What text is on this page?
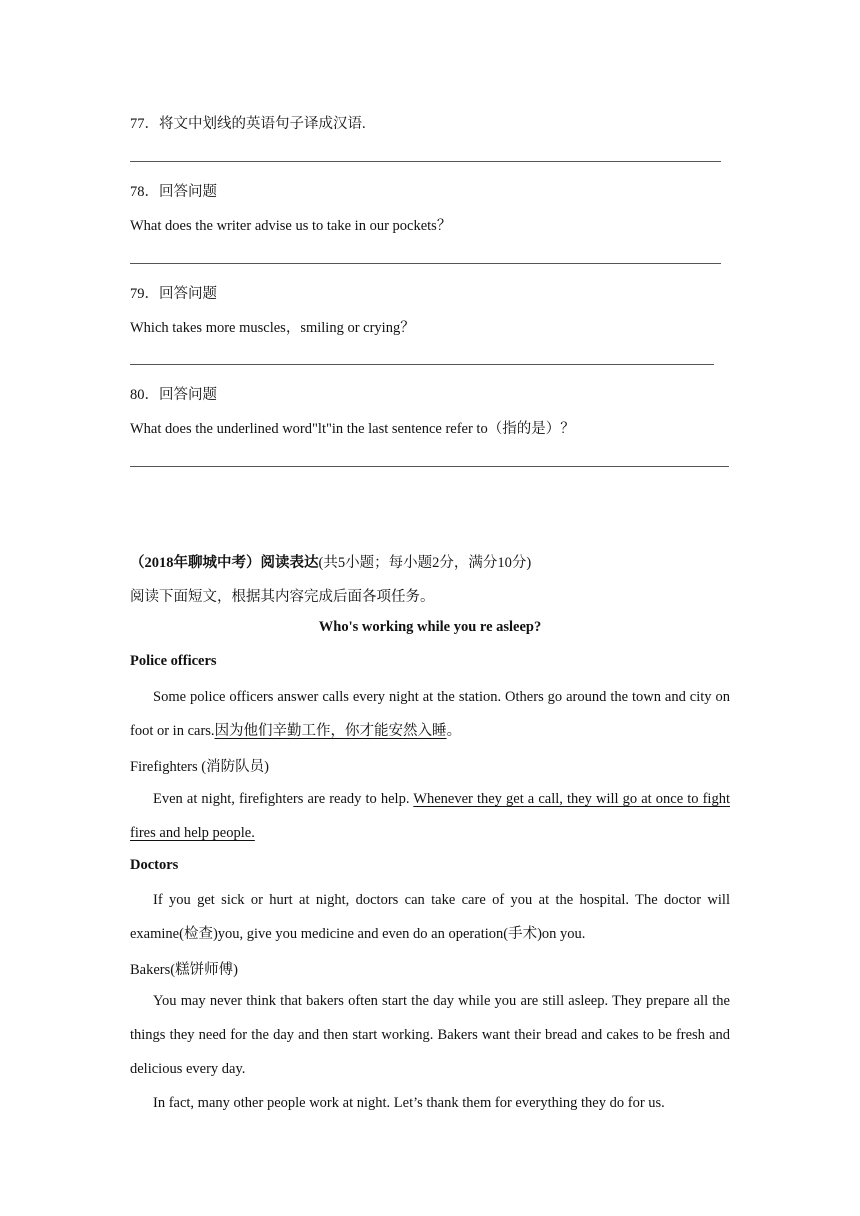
77．将文中划线的英语句子译成汉语.
78．回答问题
What does the writer advise us to take in our pockets？
79．回答问题
Which takes more muscles，smiling or crying？
80．回答问题
What does the underlined word"lt"in the last sentence refer to（指的是）？
（2018年聊城中考）阅读表达(共5小题；每小题2分，满分10分)
阅读下面短文，根据其内容完成后面各项任务。
Who's working while you re asleep?
Police officers
Some police officers answer calls every night at the station. Others go around the town and city on foot or in cars.因为他们辛勤工作，你才能安然入睡。
Firefighters (消防队员)
Even at night, firefighters are ready to help. Whenever they get a call, they will go at once to fight fires and help people.
Doctors
If you get sick or hurt at night, doctors can take care of you at the hospital. The doctor will examine(检查)you, give you medicine and even do an operation(手术)on you.
Bakers(糕饼师傅)
You may never think that bakers often start the day while you are still asleep. They prepare all the things they need for the day and then start working. Bakers want their bread and cakes to be fresh and delicious every day.
In fact, many other people work at night. Let’s thank them for everything they do for us.
